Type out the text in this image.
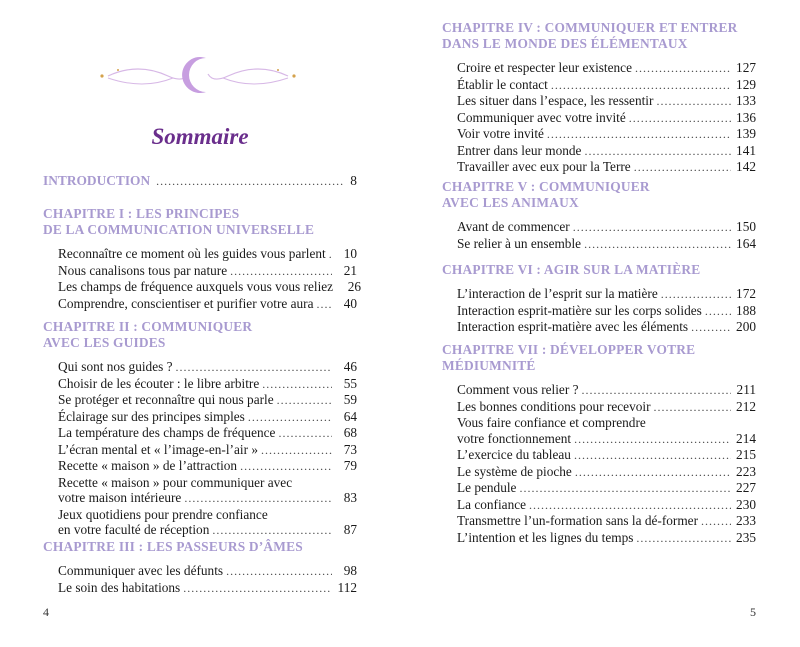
Sommaire
INTRODUCTION .....	8
CHAPITRE I : LES PRINCIPES
DE LA COMMUNICATION UNIVERSELLE
Reconnaître ce moment où les guides vous parlent .....	10
Nous canalisons tous par nature .....	21
Les champs de fréquence auxquels vous vous reliez	26
Comprendre, conscientiser et purifier votre aura .....	40
CHAPITRE II : COMMUNIQUER
AVEC LES GUIDES
Qui sont nos guides ? .....	46
Choisir de les écouter : le libre arbitre .....	55
Se protéger et reconnaître qui nous parle .....	59
Éclairage sur des principes simples .....	64
La température des champs de fréquence .....	68
L’écran mental et « l’image-en-l’air » .....	73
Recette « maison » de l’attraction .....	79
Recette « maison » pour communiquer avec
votre maison intérieure .....	83
Jeux quotidiens pour prendre confiance
en votre faculté de réception .....	87
CHAPITRE III : LES PASSEURS D’ÂMES
Communiquer avec les défunts .....	98
Le soin des habitations .....	112
4
CHAPITRE IV : COMMUNIQUER ET ENTRER
DANS LE MONDE DES ÉLÉMENTAUX
Croire et respecter leur existence .....	127
Établir le contact .....	129
Les situer dans l’espace, les ressentir .....	133
Communiquer avec votre invité .....	136
Voir votre invité .....	139
Entrer dans leur monde .....	141
Travailler avec eux pour la Terre .....	142
CHAPITRE V : COMMUNIQUER
AVEC LES ANIMAUX
Avant de commencer .....	150
Se relier à un ensemble .....	164
CHAPITRE VI : AGIR SUR LA MATIÈRE
L’interaction de l’esprit sur la matière .....	172
Interaction esprit-matière sur les corps solides .....	188
Interaction esprit-matière avec les éléments .....	200
CHAPITRE VII : DÉVELOPPER VOTRE
MÉDIUMNITÉ
Comment vous relier ? .....	211
Les bonnes conditions pour recevoir .....	212
Vous faire confiance et comprendre
votre fonctionnement .....	214
L’exercice du tableau .....	215
Le système de pioche .....	223
Le pendule .....	227
La confiance .....	230
Transmettre l’un-formation sans la dé-former .....	233
L’intention et les lignes du temps .....	235
5
